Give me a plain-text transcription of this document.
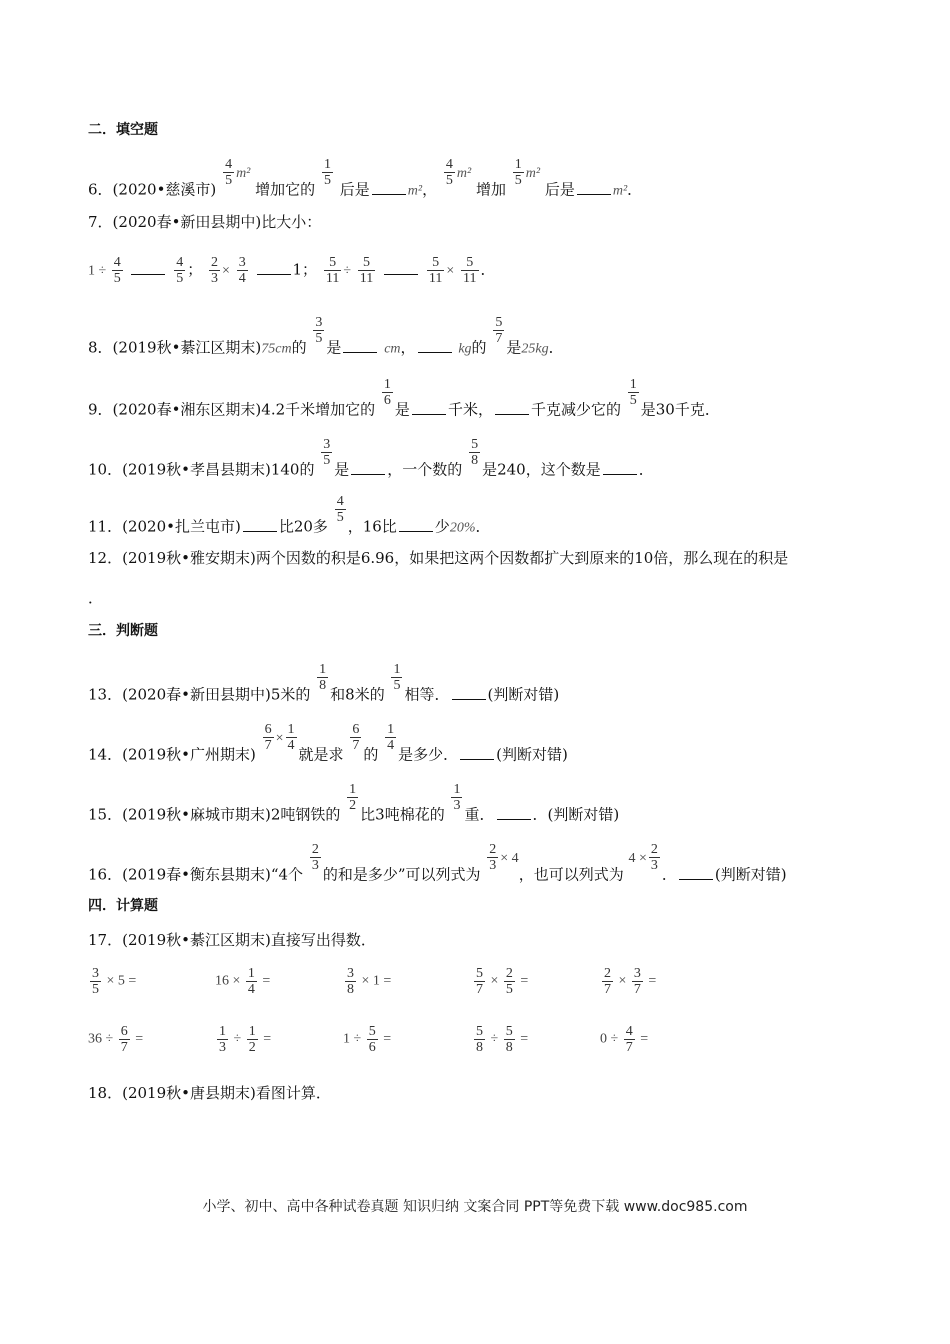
二．填空题
6．(2020•慈溪市)
$\frac{4}{5} m^2$ 增加它的
$\frac{1}{5}$
后是	m²，
$\frac{4}{5} m^2$ 增加
$\frac{1}{5} m^2$ 后是	m²．
7．(2020春•新田县期中)比大小：
$1 \div \frac{4}{5}$
	$\frac{4}{5}$ ； $\frac{2}{3} \times \frac{3}{4}$	1； $\frac{5}{11} \div \frac{5}{11}$
	$\frac{5}{11} \times \frac{5}{11}$ ．
8．(2019秋•綦江区期末)75cm的
$\frac{3}{5}$
是	cm，	kg的
$\frac{5}{7}$
是25kg．
9．(2020春•湘东区期末)4.2千米增加它的
$\frac{1}{6}$
是	千米，	千克减少它的
$\frac{1}{5}$
是30千克．
10．(2019秋•孝昌县期末)140的
$\frac{3}{5}$
是	，一个数的
$\frac{5}{8}$
是240，这个数是	．
11．(2020•扎兰屯市)	比20多
$\frac{4}{5}$
，16比	少20%．
12．(2019秋•雅安期末)两个因数的积是6.96，如果把这两个因数都扩大到原来的10倍，那么现在的积是
．
三．判断题
13．(2020春•新田县期中)5米的
$\frac{1}{8}$
和8米的
$\frac{1}{5}$
相等．	(判断对错)
14．(2019秋•广州期末)
$\frac{6}{7} \times \frac{1}{4}$
就是求
$\frac{6}{7}$
的
$\frac{1}{4}$
是多少．	(判断对错)
15．(2019秋•麻城市期末)2吨钢铁的
$\frac{1}{2}$
比3吨棉花的
$\frac{1}{3}$
重．	．(判断对错)
16．(2019春•衡东县期末)“4个
$\frac{2}{3}$
的和是多少”可以列式为
$\frac{2}{3} \times 4$，也可以列式为 $4 \times \frac{2}{3}$
．	(判断对错)
四．计算题
17．(2019秋•綦江区期末)直接写出得数．
$\frac{3}{5} \times 5$ =	$16 \times \frac{1}{4}$ =	$\frac{3}{8} \times 1$ =	$\frac{5}{7} \times \frac{2}{5}$ =	$\frac{2}{7} \times \frac{3}{7}$ =
$36 \div \frac{6}{7}$ =	$\frac{1}{3} \div \frac{1}{2}$ =	$1 \div \frac{5}{6}$ =	$\frac{5}{8} \div \frac{5}{8}$ =	$0 \div \frac{4}{7}$ =
18．(2019秋•唐县期末)看图计算．
小学、初中、高中各种试卷真题 知识归纳 文案合同 PPT等免费下载 www.doc985.com
